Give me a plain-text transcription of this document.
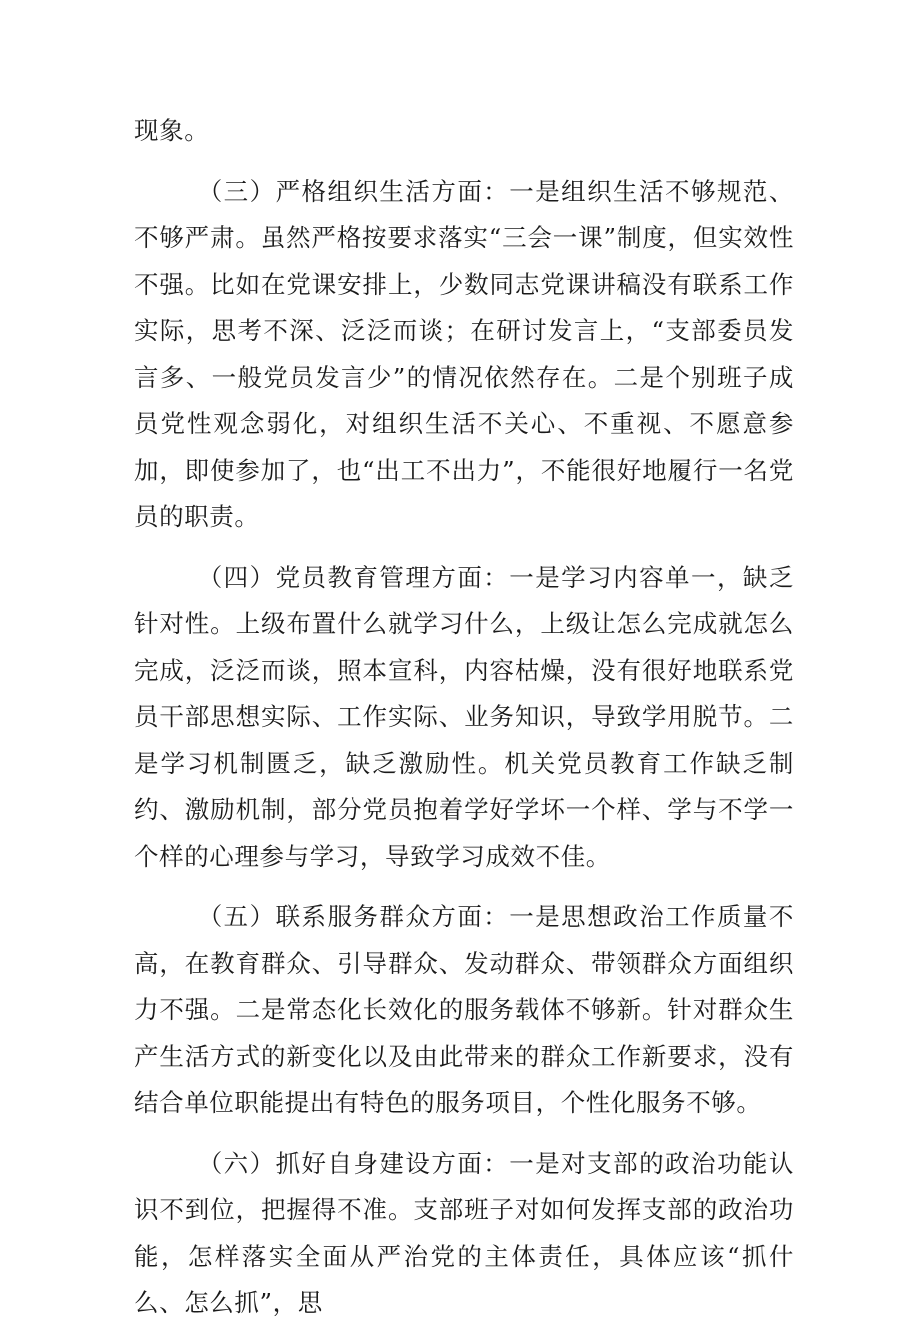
现象。

（三）严格组织生活方面：一是组织生活不够规范、不够严肃。虽然严格按要求落实“三会一课”制度，但实效性不强。比如在党课安排上，少数同志党课讲稿没有联系工作实际，思考不深、泛泛而谈；在研讨发言上，“支部委员发言多、一般党员发言少”的情况依然存在。二是个别班子成员党性观念弱化，对组织生活不关心、不重视、不愿意参加，即使参加了，也“出工不出力”，不能很好地履行一名党员的职责。

（四）党员教育管理方面：一是学习内容单一，缺乏针对性。上级布置什么就学习什么，上级让怎么完成就怎么完成，泛泛而谈，照本宣科，内容枯燥，没有很好地联系党员干部思想实际、工作实际、业务知识，导致学用脱节。二是学习机制匮乏，缺乏激励性。机关党员教育工作缺乏制约、激励机制，部分党员抱着学好学坏一个样、学与不学一个样的心理参与学习，导致学习成效不佳。

（五）联系服务群众方面：一是思想政治工作质量不高，在教育群众、引导群众、发动群众、带领群众方面组织力不强。二是常态化长效化的服务载体不够新。针对群众生产生活方式的新变化以及由此带来的群众工作新要求，没有结合单位职能提出有特色的服务项目，个性化服务不够。

（六）抓好自身建设方面：一是对支部的政治功能认识不到位，把握得不准。支部班子对如何发挥支部的政治功能，怎样落实全面从严治党的主体责任，具体应该“抓什么、怎么抓”，思
